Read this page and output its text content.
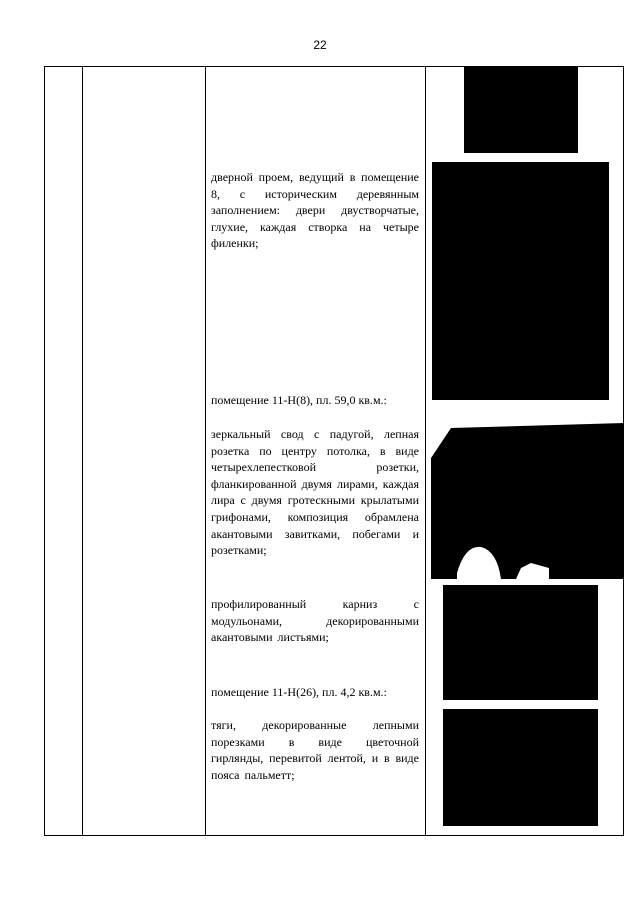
22
дверной проем, ведущий в помещение 8, с историческим деревянным заполнением: двери двустворчатые, глухие, каждая створка на четыре филенки;
помещение 11-Н(8), пл. 59,0 кв.м.:
зеркальный свод с падугой, лепная розетка по центру потолка, в виде четырехлепестковой розетки, фланкированной двумя лирами, каждая лира с двумя гротескными крылатыми грифонами, композиция обрамлена акантовыми завитками, побегами и розетками;
профилированный карниз с модульонами, декорированными акантовыми листьями;
помещение 11-Н(26), пл. 4,2 кв.м.:
тяги, декорированные лепными порезками в виде цветочной гирлянды, перевитой лентой, и в виде пояса пальметт;
